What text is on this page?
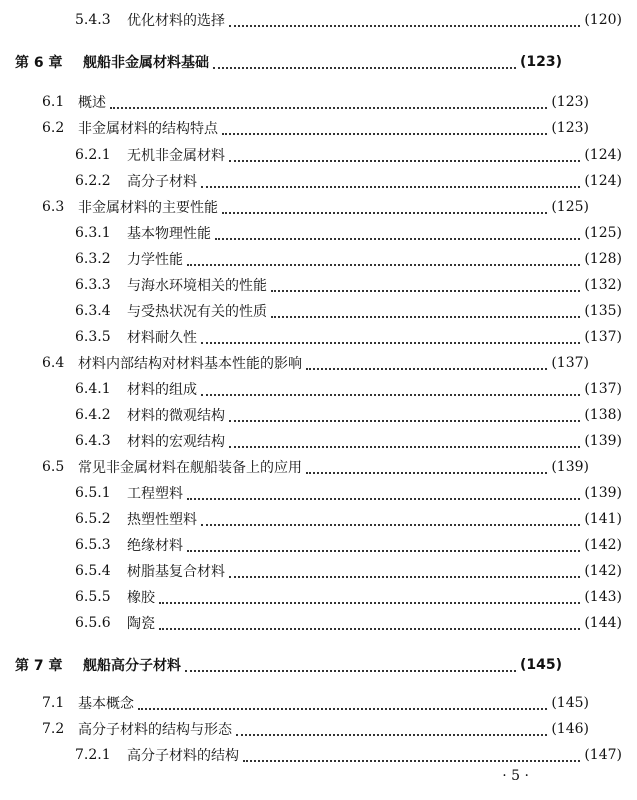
5.4.3	优化材料的选择	(120)
第 6 章	舰船非金属材料基础	(123)
6.1 概述	(123)
6.2 非金属材料的结构特点	(123)
6.2.1	无机非金属材料	(124)
6.2.2	高分子材料	(124)
6.3 非金属材料的主要性能	(125)
6.3.1	基本物理性能	(125)
6.3.2	力学性能	(128)
6.3.3	与海水环境相关的性能	(132)
6.3.4	与受热状况有关的性质	(135)
6.3.5	材料耐久性	(137)
6.4 材料内部结构对材料基本性能的影响	(137)
6.4.1	材料的组成	(137)
6.4.2	材料的微观结构	(138)
6.4.3	材料的宏观结构	(139)
6.5 常见非金属材料在舰船装备上的应用	(139)
6.5.1	工程塑料	(139)
6.5.2	热塑性塑料	(141)
6.5.3	绝缘材料	(142)
6.5.4	树脂基复合材料	(142)
6.5.5	橡胶	(143)
6.5.6	陶瓷	(144)
第 7 章	舰船高分子材料	(145)
7.1 基本概念	(145)
7.2 高分子材料的结构与形态	(146)
7.2.1	高分子材料的结构	(147)
· 5 ·
